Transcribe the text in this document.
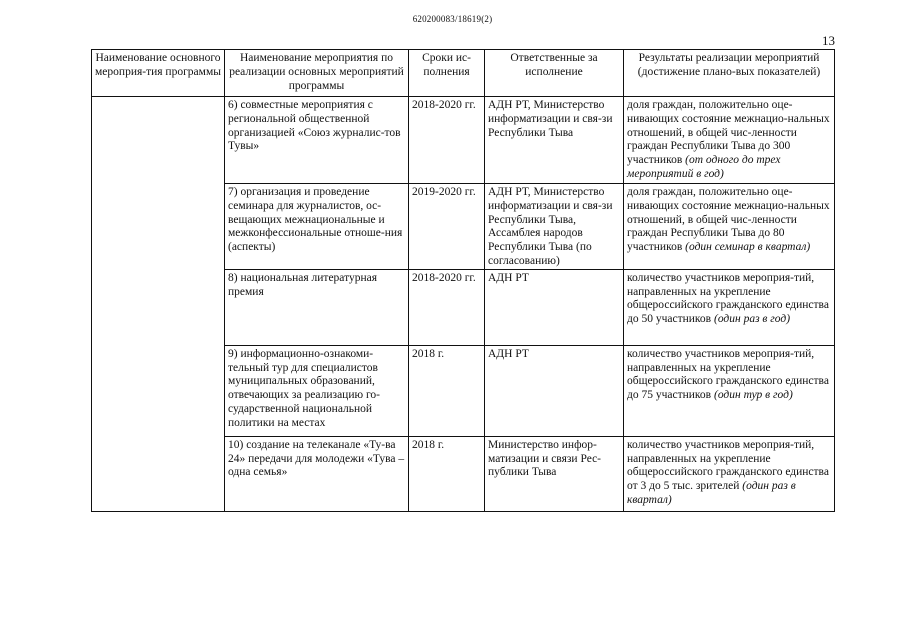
620200083/18619(2)
13
Наименование основного мероприя-тия программы	Наименование мероприятия по реализации основных мероприятий программы	Сроки ис-полнения	Ответственные за исполнение	Результаты реализации мероприятий (достижение плано-вых показателей)
	6) совместные мероприятия с региональной общественной организацией «Союз журналис-тов Тувы»	2018-2020 гг.	АДН РТ, Министерство информатизации и свя-зи Республики Тыва	доля граждан, положительно оце-нивающих состояние межнацио-нальных отношений, в общей чис-ленности граждан Республики Тыва до 300 участников (от одного до трех мероприятий в год)
	7) организация и проведение семинара для журналистов, ос-вещающих межнациональные и межконфессиональные отноше-ния (аспекты)	2019-2020 гг.	АДН РТ, Министерство информатизации и свя-зи Республики Тыва, Ассамблея народов Республики Тыва (по согласованию)	доля граждан, положительно оце-нивающих состояние межнацио-нальных отношений, в общей чис-ленности граждан Республики Тыва до 80 участников (один семинар в квартал)
	8) национальная литературная премия	2018-2020 гг.	АДН РТ	количество участников мероприя-тий, направленных на укрепление общероссийского гражданского единства до 50 участников (один раз в год)
	9) информационно-ознакоми-тельный тур для специалистов муниципальных образований, отвечающих за реализацию го-сударственной национальной политики на местах	2018 г.	АДН РТ	количество участников мероприя-тий, направленных на укрепление общероссийского гражданского единства до 75 участников (один тур в год)
	10) создание на телеканале «Ту-ва 24» передачи для молодежи «Тува – одна семья»	2018 г.	Министерство инфор-матизации и связи Рес-публики Тыва	количество участников мероприя-тий, направленных на укрепление общероссийского гражданского единства от 3 до 5 тыс. зрителей (один раз в квартал)
